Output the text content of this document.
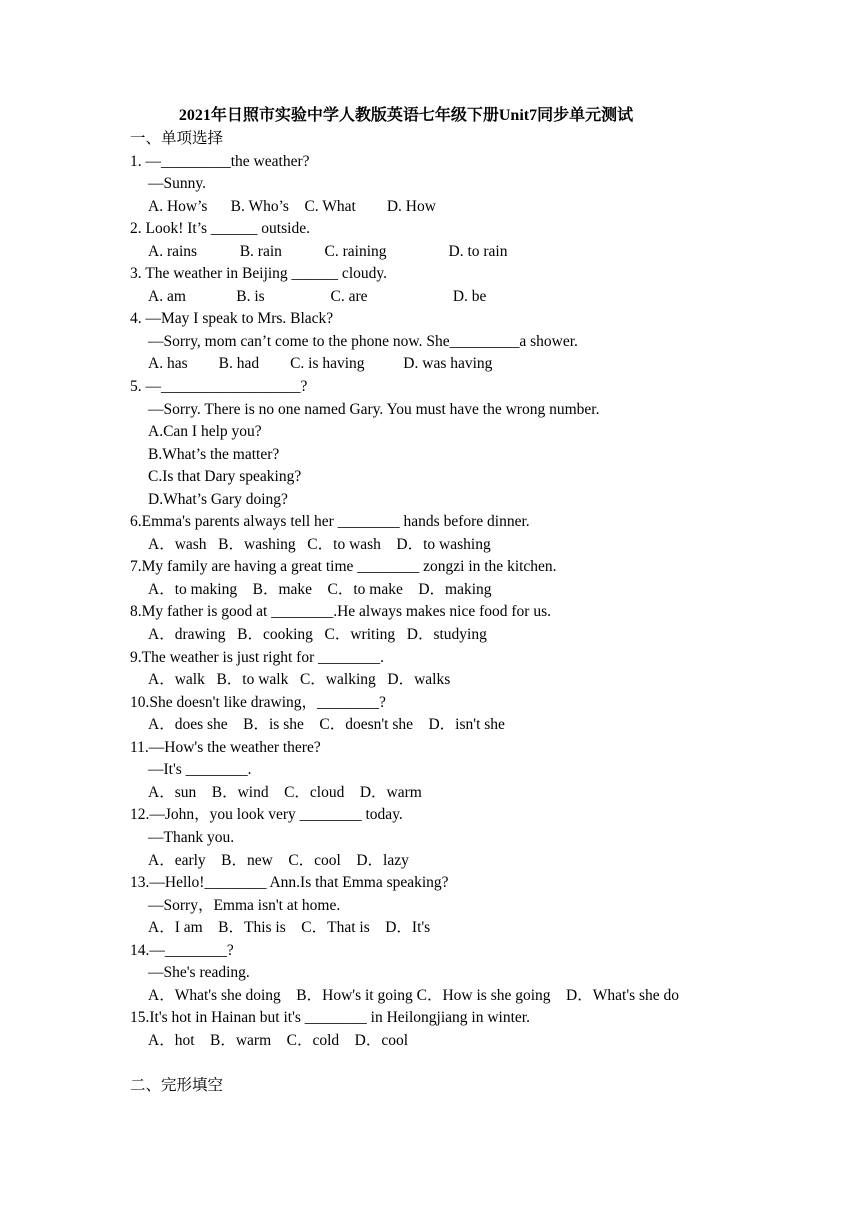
2021年日照市实验中学人教版英语七年级下册Unit7同步单元测试
一、单项选择
1. —_________the weather?
—Sunny.
A. How’s      B. Who’s    C. What        D. How
2. Look! It’s ______ outside.
A. rains           B. rain           C. raining                D. to rain
3. The weather in Beijing ______ cloudy.
A. am             B. is                 C. are                      D. be
4. —May I speak to Mrs. Black?
—Sorry, mom can’t come to the phone now. She_________a shower.
A. has        B. had        C. is having          D. was having
5. —__________________?
—Sorry. There is no one named Gary. You must have the wrong number.
A.Can I help you?
B.What’s the matter?
C.Is that Dary speaking?
D.What’s Gary doing?
6.Emma's parents always tell her ________ hands before dinner.
A．wash   B．washing   C．to wash    D．to washing
7.My family are having a great time ________ zongzi in the kitchen.
A．to making    B．make    C．to make    D．making
8.My father is good at ________.He always makes nice food for us.
A．drawing   B．cooking   C．writing   D．studying
9.The weather is just right for ________.
A．walk   B．to walk   C．walking   D．walks
10.She doesn't like drawing，________?
A．does she    B．is she    C．doesn't she    D．isn't she
11.—How's the weather there?
—It's ________.
A．sun    B．wind    C．cloud    D．warm
12.—John，you look very ________ today.
—Thank you.
A．early    B．new    C．cool    D．lazy
13.—Hello!________ Ann.Is that Emma speaking?
—Sorry，Emma isn't at home.
A．I am    B．This is    C．That is    D．It's
14.—________?
—She's reading.
A．What's she doing    B．How's it going C．How is she going    D．What's she do
15.It's hot in Hainan but it's ________ in Heilongjiang in winter.
A．hot    B．warm    C．cold    D．cool
二、完形填空
